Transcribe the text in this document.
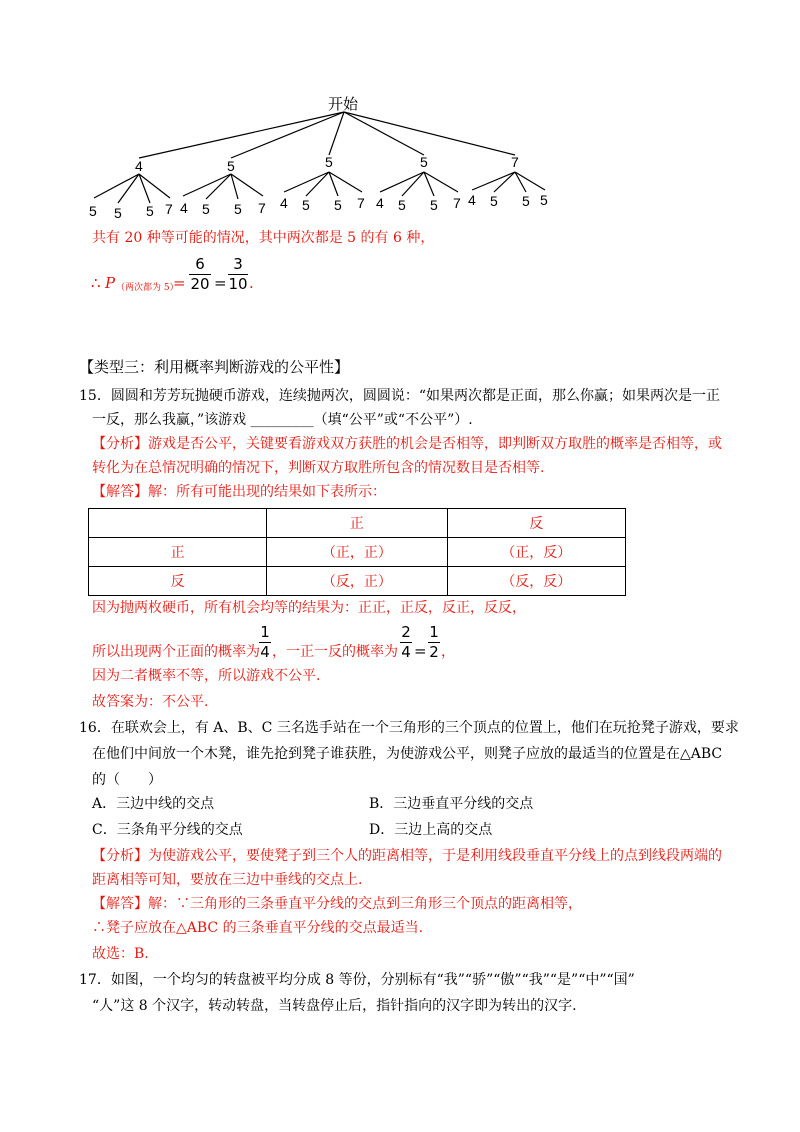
开始
4	5	5	5	7
5 5 5 7 4 5 5 7 4 5 5 7 4 5 5 7 4 5 5 5
共有 20 种等可能的情况，其中两次都是 5 的有 6 种，
∴ P （两次都为 5）
=
6
20 =
3
10 .
【类型三：利用概率判断游戏的公平性】
15．圆圆和芳芳玩抛硬币游戏，连续抛两次，圆圆说：“如果两次都是正面，那么你赢；如果两次是一正
一反，那么我赢，”该游戏 _________（填“公平”或“不公平”）.
【分析】游戏是否公平，关键要看游戏双方获胜的机会是否相等，即判断双方取胜的概率是否相等，或
转化为在总情况明确的情况下，判断双方取胜所包含的情况数目是否相等.
【解答】解：所有可能出现的结果如下表所示：
	正	反
正	（正，正）	（正，反）
反	（反，正）	（反，反）
因为抛两枚硬币，所有机会均等的结果为：正正，正反，反正，反反，
所以出现两个正面的概率为
1
4 ，一正一反的概率为
2
4 =
1
2 ，
因为二者概率不等，所以游戏不公平.
故答案为：不公平.
16．在联欢会上，有 A、B、C 三名选手站在一个三角形的三个顶点的位置上，他们在玩抢凳子游戏，要求
在他们中间放一个木凳，谁先抢到凳子谁获胜，为使游戏公平，则凳子应放的最适当的位置是在△ABC
的（　　）
A．三边中线的交点	B．三边垂直平分线的交点
C．三条角平分线的交点	D．三边上高的交点
【分析】为使游戏公平，要使凳子到三个人的距离相等，于是利用线段垂直平分线上的点到线段两端的
距离相等可知，要放在三边中垂线的交点上.
【解答】解：∵三角形的三条垂直平分线的交点到三角形三个顶点的距离相等，
∴凳子应放在△ABC 的三条垂直平分线的交点最适当.
故选：B.
17．如图，一个均匀的转盘被平均分成 8 等份，分别标有“我”“骄”“傲”“我”“是”“中”“国”
“人”这 8 个汉字，转动转盘，当转盘停止后，指针指向的汉字即为转出的汉字.
